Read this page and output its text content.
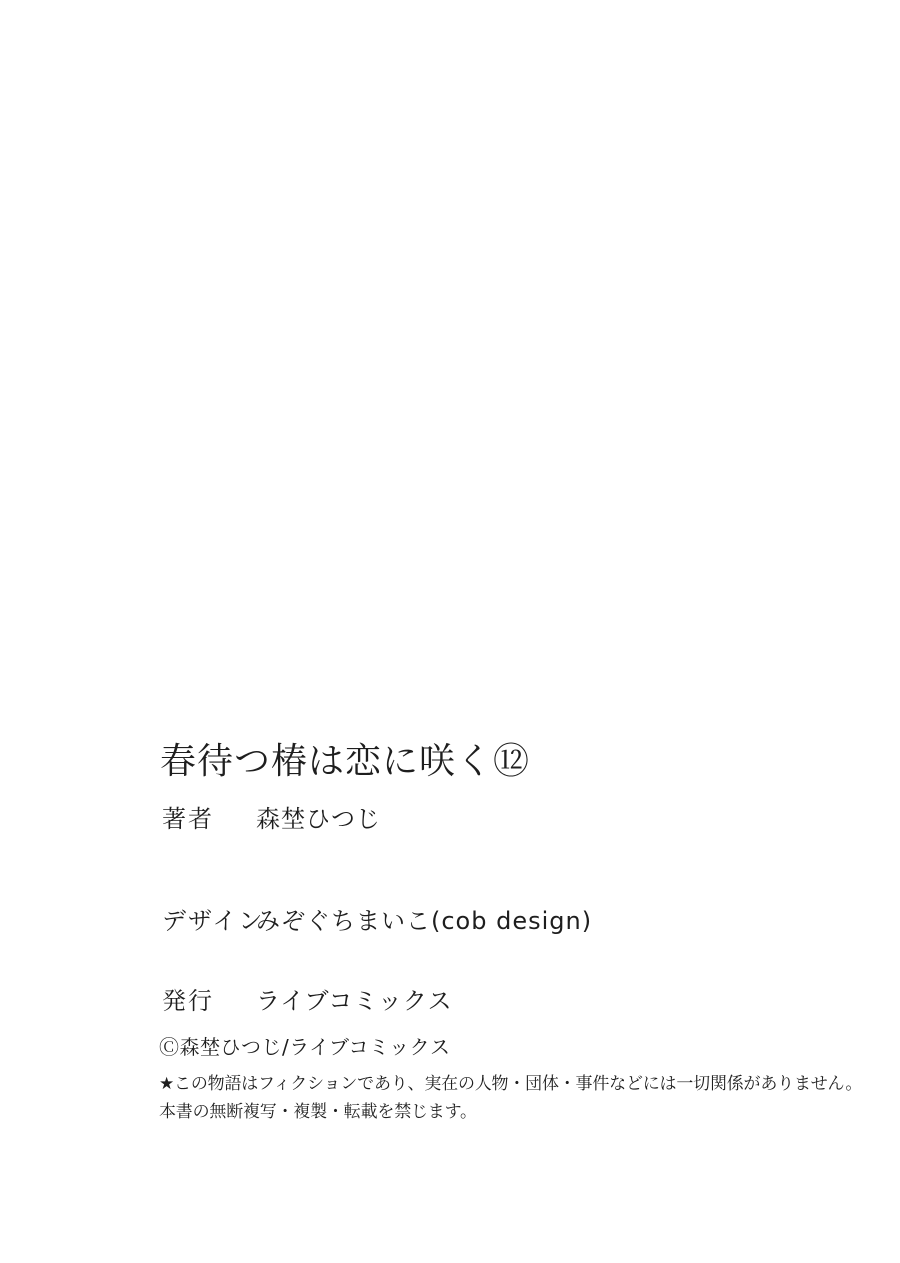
春待つ椿は恋に咲く⑫
著者 森埜ひつじ
デザインみぞぐちまいこ(cob design)
発行 ライブコミックス
Ⓒ森埜ひつじ/ライブコミックス
★この物語はフィクションであり、実在の人物・団体・事件などには一切関係がありません。
本書の無断複写・複製・転載を禁じます。
